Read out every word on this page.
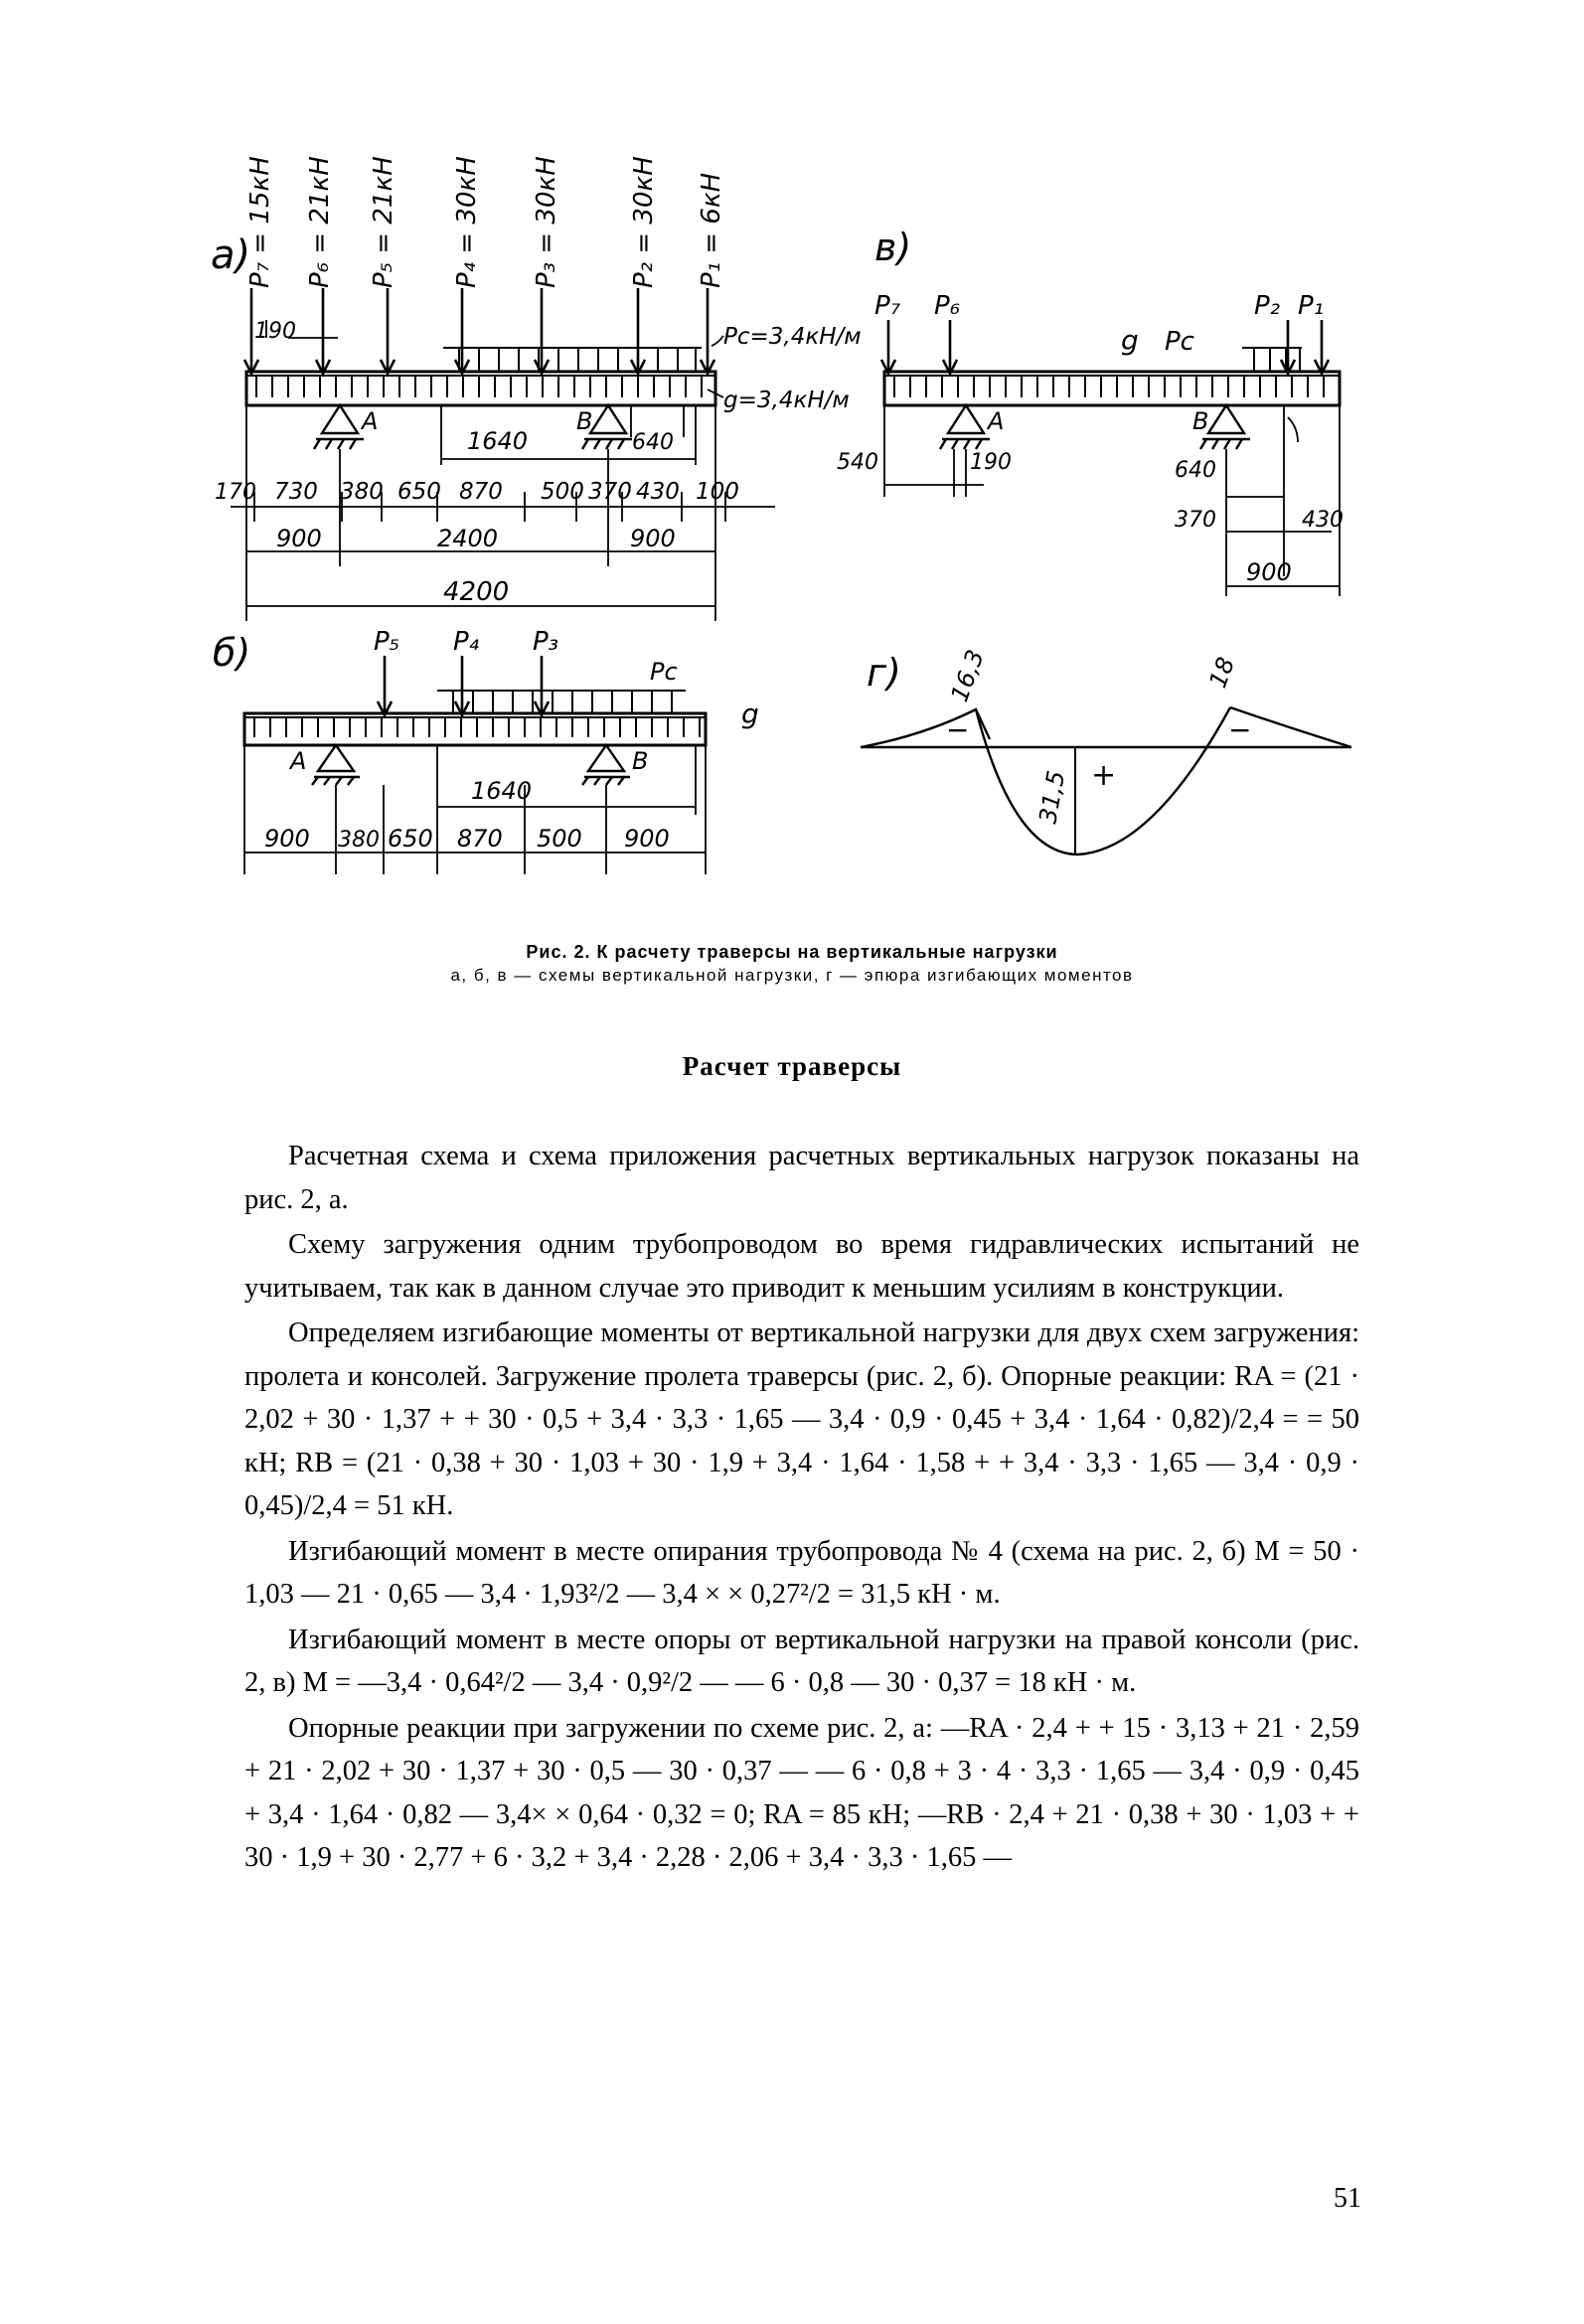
а)
P₇ = 15кН P₆ = 21кН P₅ = 21кН P₄ = 30кН P₃ = 30кН	P₂ = 30кН P₁ = 6кН
190	Pc=3,4кН/м
g=3,4кН/м
A	B
1640	640
170 730 380 650 870 500 370 430 100
900	2400	900
4200
б)	P₅ P₄ P₃
Pc
g
A	B
1640
900 380 650 870 500 900
в)
P₇ P₆	P₂ P₁
g Pc
A	B
540	190	640
370	430
900
г) 16,3	18
31,5
−	−
+
Рис. 2. К расчету траверсы на вертикальные нагрузки
а, б, в — схемы вертикальной нагрузки, г — эпюра изгибающих моментов
Расчет траверсы

Расчетная схема и схема приложения расчетных вертикальных нагрузок показаны на рис. 2, а.

Схему загружения одним трубопроводом во время гидравлических испытаний не учитываем, так как в данном случае это приводит к меньшим усилиям в конструкции.

Определяем изгибающие моменты от вертикальной нагрузки для двух схем загружения: пролета и консолей. Загружение пролета траверсы (рис. 2, б). Опорные реакции: RA = (21 · 2,02 + 30 · 1,37 + + 30 · 0,5 + 3,4 · 3,3 · 1,65 — 3,4 · 0,9 · 0,45 + 3,4 · 1,64 · 0,82)/2,4 = = 50 кН; RB = (21 · 0,38 + 30 · 1,03 + 30 · 1,9 + 3,4 · 1,64 · 1,58 + + 3,4 · 3,3 · 1,65 — 3,4 · 0,9 · 0,45)/2,4 = 51 кН.

Изгибающий момент в месте опирания трубопровода № 4 (схема на рис. 2, б) M = 50 · 1,03 — 21 · 0,65 — 3,4 · 1,93²/2 — 3,4 × × 0,27²/2 = 31,5 кН · м.

Изгибающий момент в месте опоры от вертикальной нагрузки на правой консоли (рис. 2, в) M = —3,4 · 0,64²/2 — 3,4 · 0,9²/2 — — 6 · 0,8 — 30 · 0,37 = 18 кН · м.

Опорные реакции при загружении по схеме рис. 2, а: —RA · 2,4 + + 15 · 3,13 + 21 · 2,59 + 21 · 2,02 + 30 · 1,37 + 30 · 0,5 — 30 · 0,37 — — 6 · 0,8 + 3 · 4 · 3,3 · 1,65 — 3,4 · 0,9 · 0,45 + 3,4 · 1,64 · 0,82 — 3,4× × 0,64 · 0,32 = 0; RA = 85 кН; —RB · 2,4 + 21 · 0,38 + 30 · 1,03 + + 30 · 1,9 + 30 · 2,77 + 6 · 3,2 + 3,4 · 2,28 · 2,06 + 3,4 · 3,3 · 1,65 —

51
